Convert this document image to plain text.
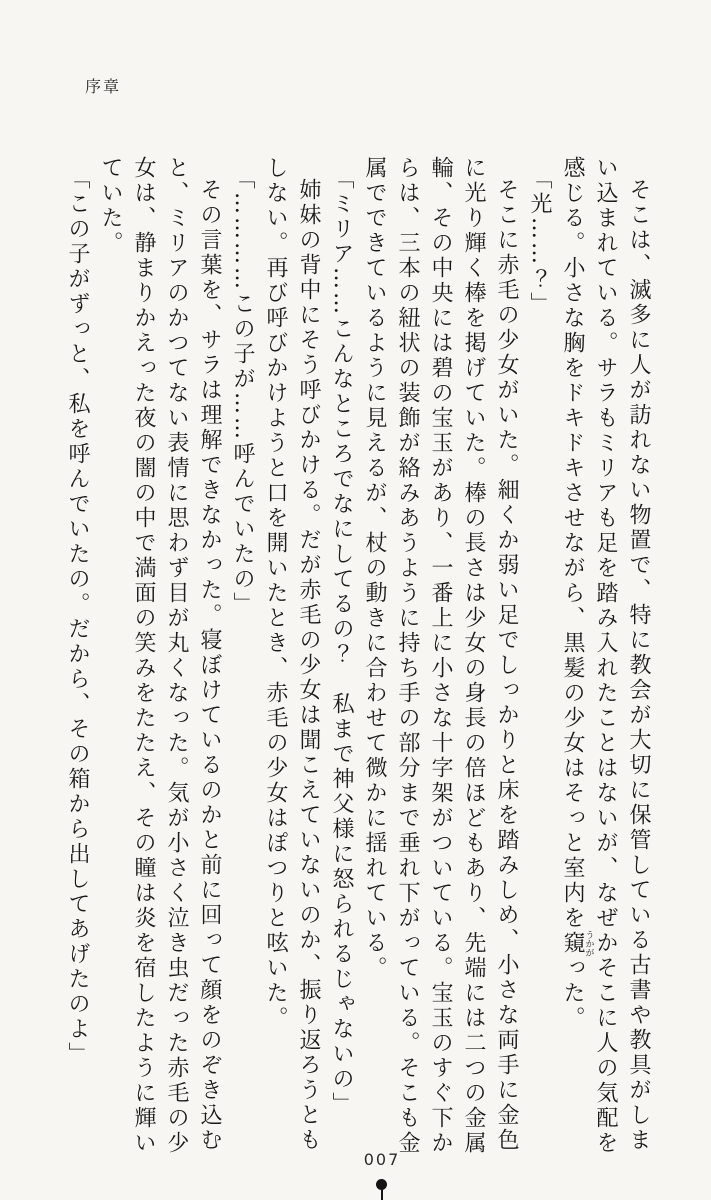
序章

そこは、滅多に人が訪れない物置で、特に教会が大切に保管している古書や教具がしまい込まれている。サラもミリアも足を踏み入れたことはないが、なぜかそこに人の気配を感じる。小さな胸をドキドキさせながら、黒髪の少女はそっと室内を窺うかがった。

「光……？」

そこに赤毛の少女がいた。細くか弱い足でしっかりと床を踏みしめ、小さな両手に金色に光り輝く棒を掲げていた。棒の長さは少女の身長の倍ほどもあり、先端には二つの金属輪、その中央には碧の宝玉があり、一番上に小さな十字架がついている。宝玉のすぐ下からは、三本の紐状の装飾が絡みあうように持ち手の部分まで垂れ下がっている。そこも金属でできているように見えるが、杖の動きに合わせて微かに揺れている。

「ミリア……こんなところでなにしてるの？　私まで神父様に怒られるじゃないの」

姉妹の背中にそう呼びかける。だが赤毛の少女は聞こえていないのか、振り返ろうともしない。再び呼びかけようと口を開いたとき、赤毛の少女はぽつりと呟いた。

「…………この子が……呼んでいたの」

その言葉を、サラは理解できなかった。寝ぼけているのかと前に回って顔をのぞき込むと、ミリアのかつてない表情に思わず目が丸くなった。気が小さく泣き虫だった赤毛の少女は、静まりかえった夜の闇の中で満面の笑みをたたえ、その瞳は炎を宿したように輝いていた。

「この子がずっと、私を呼んでいたの。だから、その箱から出してあげたのよ」

007
